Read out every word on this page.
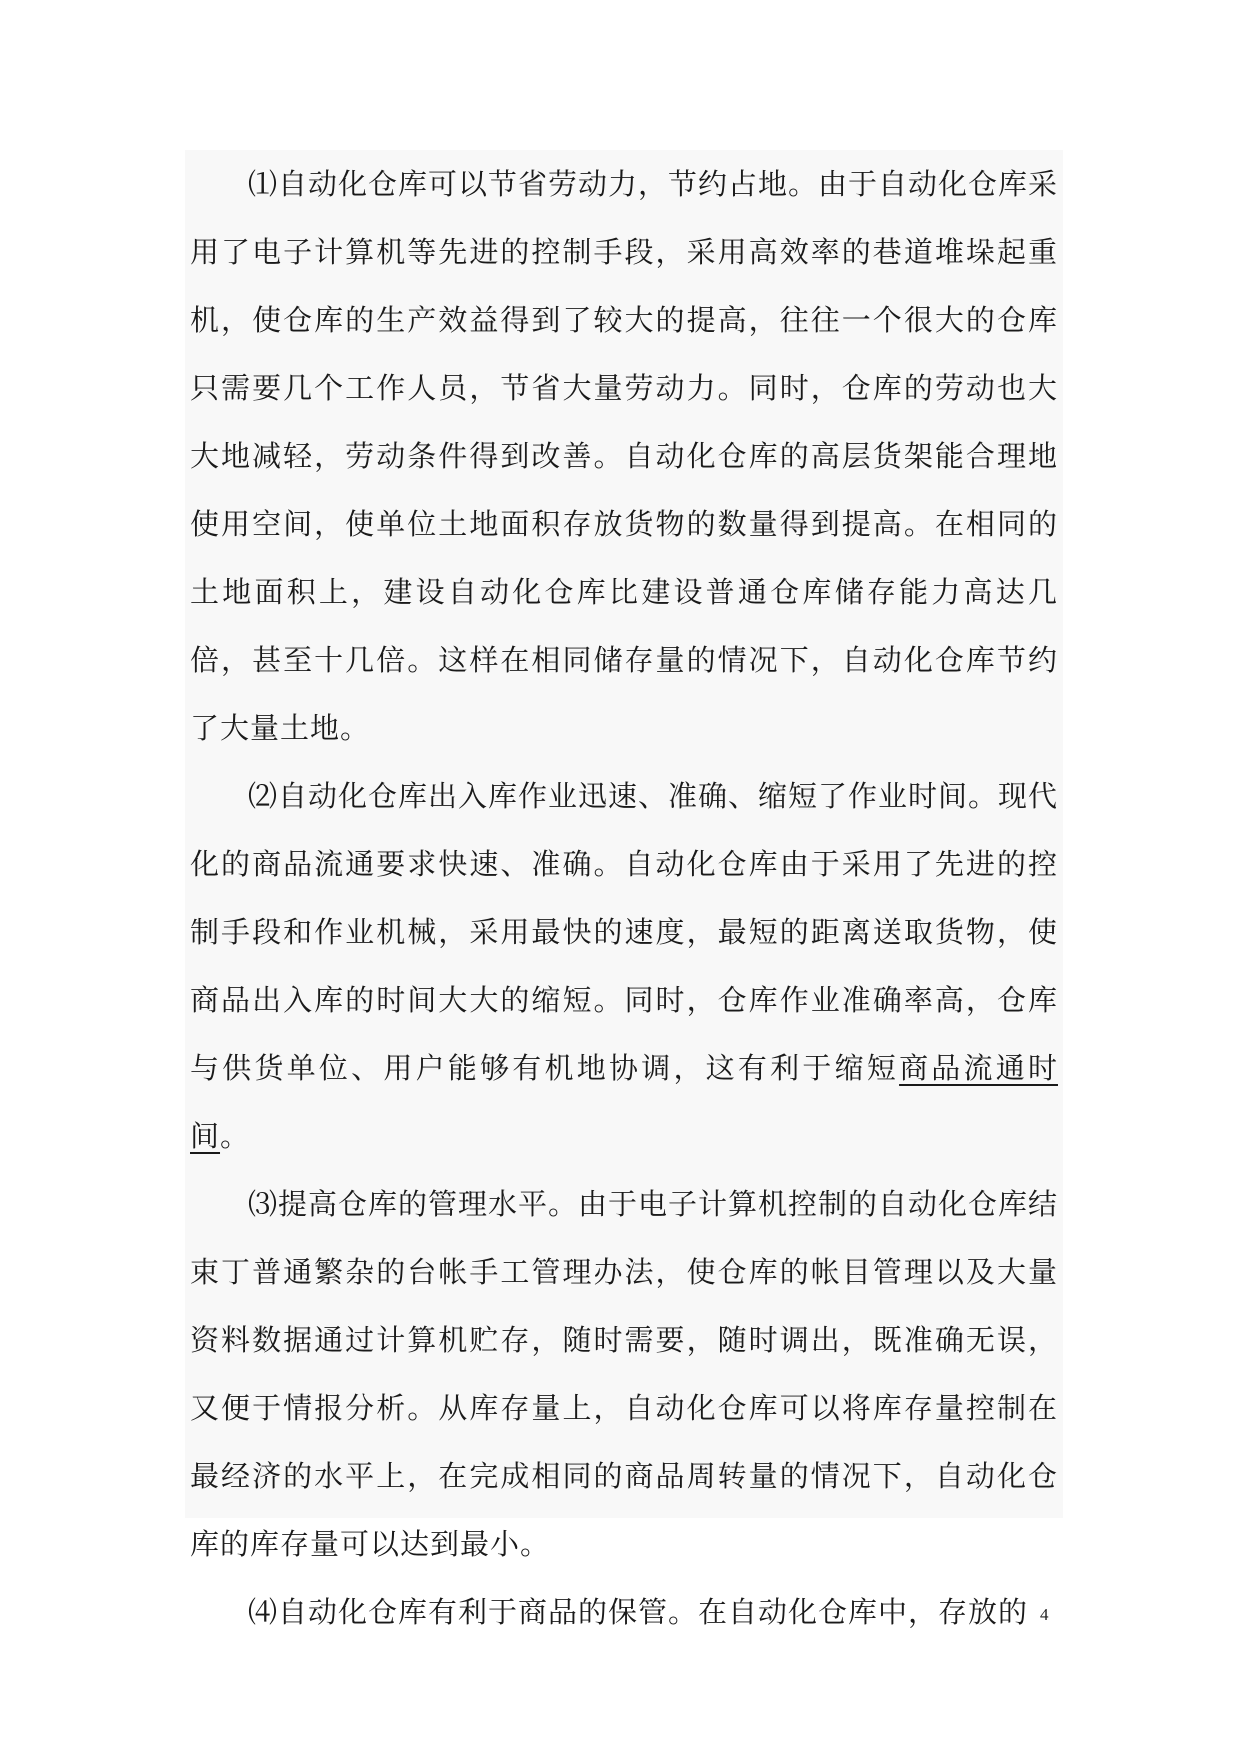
⑴自动化仓库可以节省劳动力，节约占地。由于自动化仓库采用了电子计算机等先进的控制手段，采用高效率的巷道堆垛起重机，使仓库的生产效益得到了较大的提高，往往一个很大的仓库只需要几个工作人员，节省大量劳动力。同时，仓库的劳动也大大地减轻，劳动条件得到改善。自动化仓库的高层货架能合理地使用空间，使单位土地面积存放货物的数量得到提高。在相同的土地面积上，建设自动化仓库比建设普通仓库储存能力高达几倍，甚至十几倍。这样在相同储存量的情况下，自动化仓库节约了大量土地。

⑵自动化仓库出入库作业迅速、准确、缩短了作业时间。现代化的商品流通要求快速、准确。自动化仓库由于采用了先进的控制手段和作业机械，采用最快的速度，最短的距离送取货物，使商品出入库的时间大大的缩短。同时，仓库作业准确率高，仓库与供货单位、用户能够有机地协调，这有利于缩短商品流通时间。

⑶提高仓库的管理水平。由于电子计算机控制的自动化仓库结束丁普通繁杂的台帐手工管理办法，使仓库的帐目管理以及大量资料数据通过计算机贮存，随时需要，随时调出，既准确无误，又便于情报分析。从库存量上，自动化仓库可以将库存量控制在最经济的水平上，在完成相同的商品周转量的情况下，自动化仓库的库存量可以达到最小。

⑷自动化仓库有利于商品的保管。在自动化仓库中，存放的 4
